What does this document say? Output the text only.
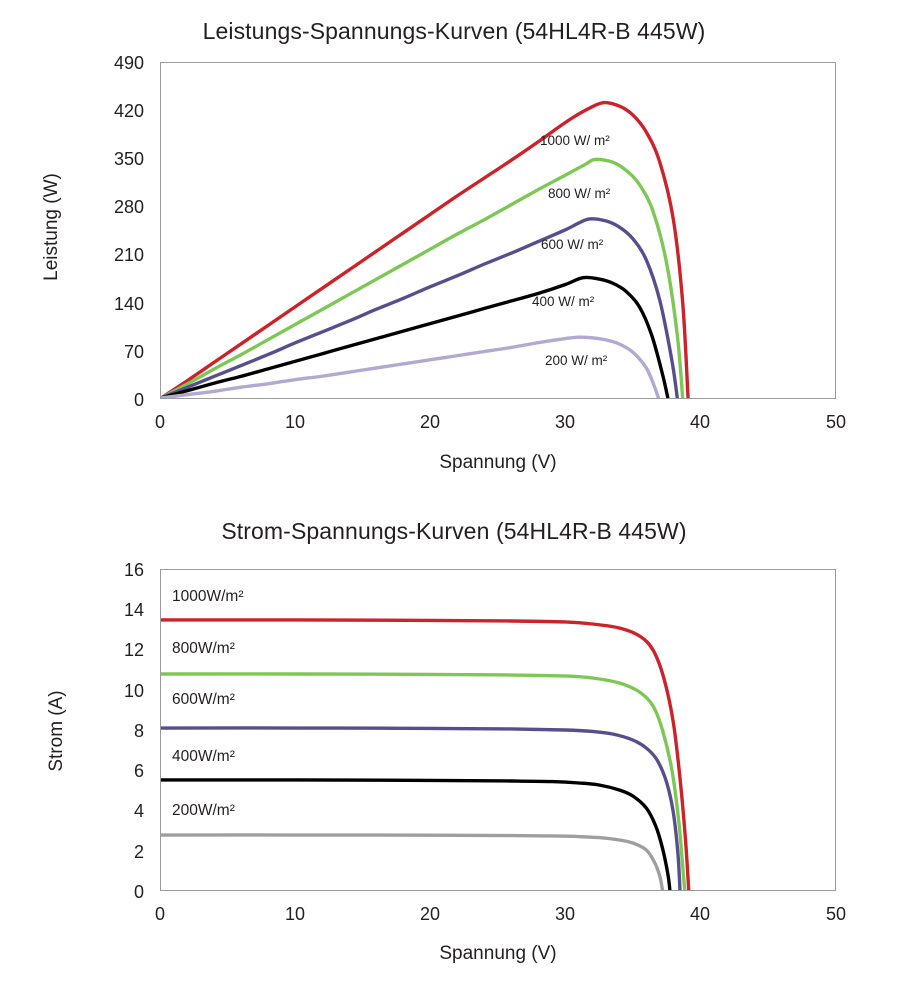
Leistungs-Spannungs-Kurven (54HL4R-B 445W)
Leistung (W)
490
420
350
280
210
140
70
0
0	10	20	30	40	50
Spannung (V)
1000 W/ m²
800 W/ m²
600 W/ m²
400 W/ m²
200 W/ m²
Strom-Spannungs-Kurven (54HL4R-B 445W)
Strom (A)
16
14
12
10
8
6
4
2
0
0	10	20	30	40	50
Spannung (V)
1000W/m²
800W/m²
600W/m²
400W/m²
200W/m²
